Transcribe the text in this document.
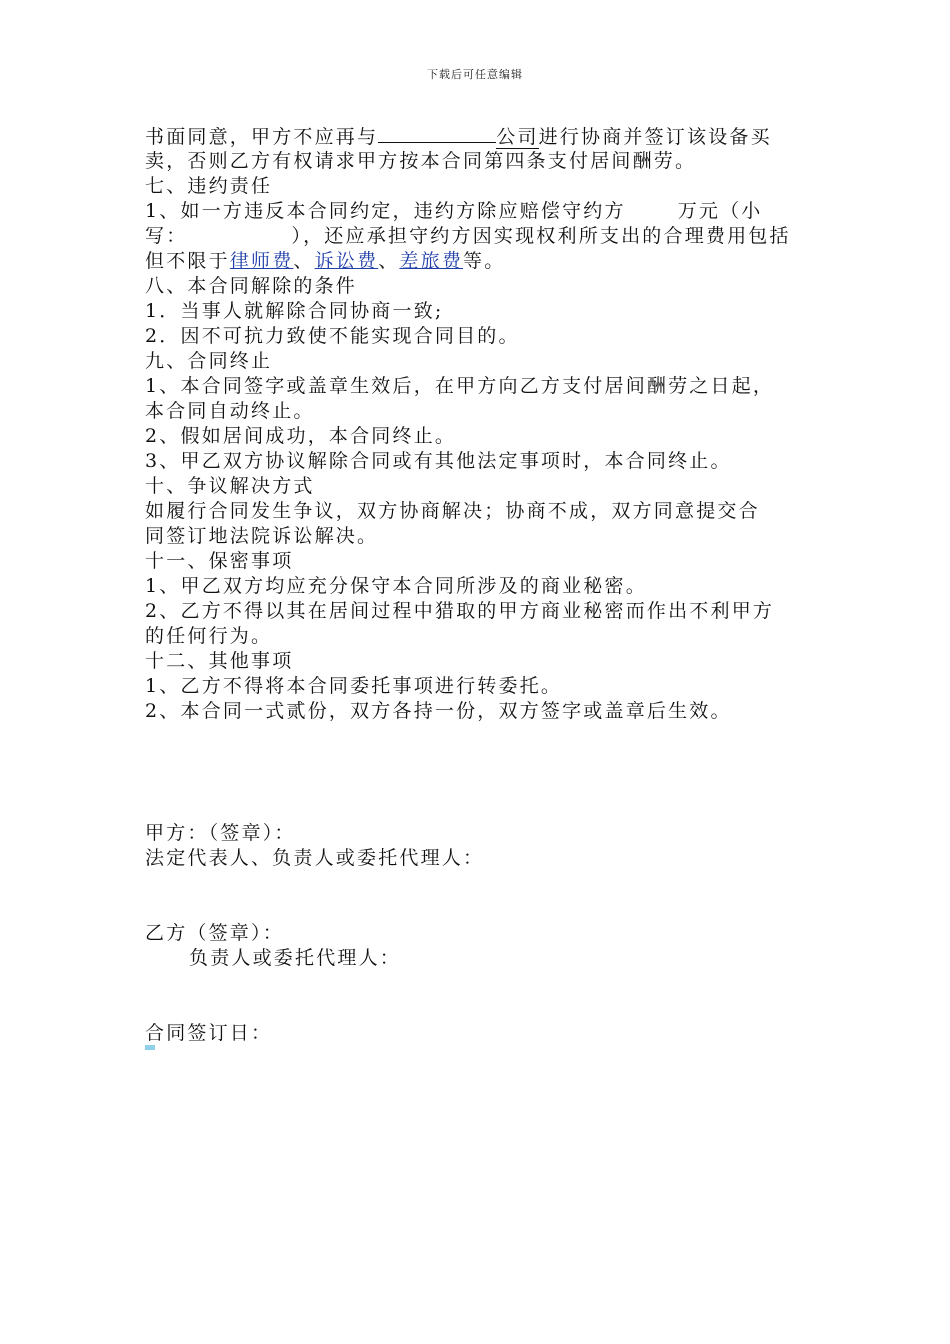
下载后可任意编辑
书面同意，甲方不应再与	公司进行协商并签订该设备买
卖，否则乙方有权请求甲方按本合同第四条支付居间酬劳。
七、违约责任
1、如一方违反本合同约定，违约方除应赔偿守约方	万元（小
写：	），还应承担守约方因实现权利所支出的合理费用包括
但不限于律师费、诉讼费、差旅费等。
八、本合同解除的条件
1．当事人就解除合同协商一致;
2．因不可抗力致使不能实现合同目的。
九、合同终止
1、本合同签字或盖章生效后，在甲方向乙方支付居间酬劳之日起，
本合同自动终止。
2、假如居间成功，本合同终止。
3、甲乙双方协议解除合同或有其他法定事项时，本合同终止。
十、争议解决方式
如履行合同发生争议，双方协商解决；协商不成，双方同意提交合
同签订地法院诉讼解决。
十一、保密事项
1、甲乙双方均应充分保守本合同所涉及的商业秘密。
2、乙方不得以其在居间过程中猎取的甲方商业秘密而作出不利甲方
的任何行为。
十二、其他事项
1、乙方不得将本合同委托事项进行转委托。
2、本合同一式贰份，双方各持一份，双方签字或盖章后生效。
甲方：（签章）：
法定代表人、负责人或委托代理人：
乙方（签章）：
负责人或委托代理人：
合同签订日：
